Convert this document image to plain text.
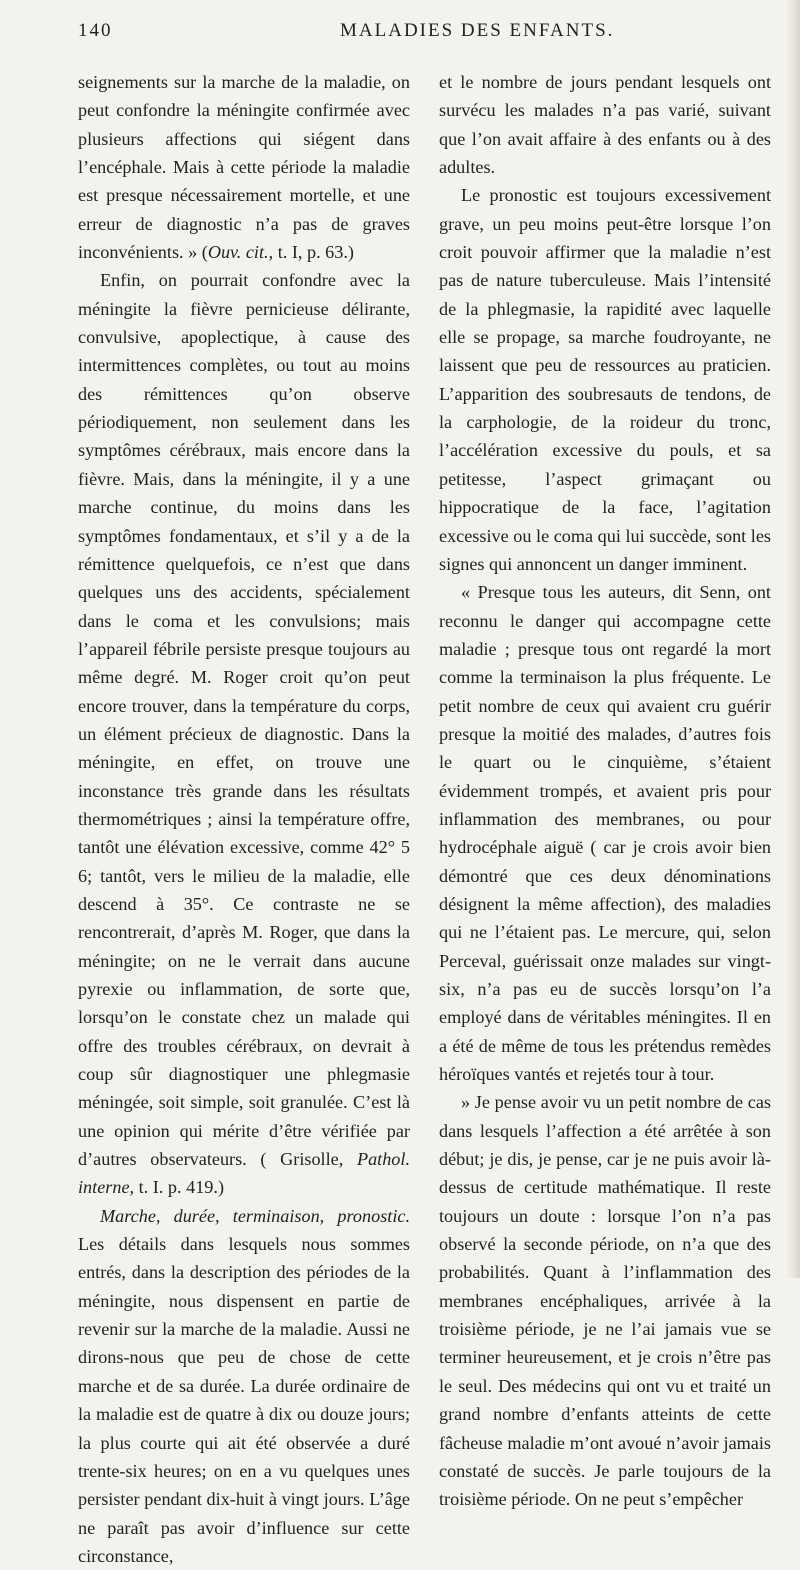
140	MALADIES DES ENFANTS.

seignements sur la marche de la maladie, on peut confondre la méningite confirmée avec plusieurs affections qui siégent dans l’encéphale. Mais à cette période la maladie est presque nécessairement mortelle, et une erreur de diagnostic n’a pas de graves inconvénients. » (Ouv. cit., t. I, p. 63.)

Enfin, on pourrait confondre avec la méningite la fièvre pernicieuse délirante, convulsive, apoplectique, à cause des intermittences complètes, ou tout au moins des rémittences qu’on observe périodiquement, non seulement dans les symptômes cérébraux, mais encore dans la fièvre. Mais, dans la méningite, il y a une marche continue, du moins dans les symptômes fondamentaux, et s’il y a de la rémittence quelquefois, ce n’est que dans quelques uns des accidents, spécialement dans le coma et les convulsions; mais l’appareil fébrile persiste presque toujours au même degré. M. Roger croit qu’on peut encore trouver, dans la température du corps, un élément précieux de diagnostic. Dans la méningite, en effet, on trouve une inconstance très grande dans les résultats thermométriques ; ainsi la température offre, tantôt une élévation excessive, comme 42° 5 6; tantôt, vers le milieu de la maladie, elle descend à 35°. Ce contraste ne se rencontrerait, d’après M. Roger, que dans la méningite; on ne le verrait dans aucune pyrexie ou inflammation, de sorte que, lorsqu’on le constate chez un malade qui offre des troubles cérébraux, on devrait à coup sûr diagnostiquer une phlegmasie méningée, soit simple, soit granulée. C’est là une opinion qui mérite d’être vérifiée par d’autres observateurs. ( Grisolle, Pathol. interne, t. I. p. 419.)

Marche, durée, terminaison, pronostic. Les détails dans lesquels nous sommes entrés, dans la description des périodes de la méningite, nous dispensent en partie de revenir sur la marche de la maladie. Aussi ne dirons-nous que peu de chose de cette marche et de sa durée. La durée ordinaire de la maladie est de quatre à dix ou douze jours; la plus courte qui ait été observée a duré trente-six heures; on en a vu quelques unes persister pendant dix-huit à vingt jours. L’âge ne paraît pas avoir d’influence sur cette circonstance,

et le nombre de jours pendant lesquels ont survécu les malades n’a pas varié, suivant que l’on avait affaire à des enfants ou à des adultes.

Le pronostic est toujours excessivement grave, un peu moins peut-être lorsque l’on croit pouvoir affirmer que la maladie n’est pas de nature tuberculeuse. Mais l’intensité de la phlegmasie, la rapidité avec laquelle elle se propage, sa marche foudroyante, ne laissent que peu de ressources au praticien. L’apparition des soubresauts de tendons, de la carphologie, de la roideur du tronc, l’accélération excessive du pouls, et sa petitesse, l’aspect grimaçant ou hippocratique de la face, l’agitation excessive ou le coma qui lui succède, sont les signes qui annoncent un danger imminent.

« Presque tous les auteurs, dit Senn, ont reconnu le danger qui accompagne cette maladie ; presque tous ont regardé la mort comme la terminaison la plus fréquente. Le petit nombre de ceux qui avaient cru guérir presque la moitié des malades, d’autres fois le quart ou le cinquième, s’étaient évidemment trompés, et avaient pris pour inflammation des membranes, ou pour hydrocéphale aiguë ( car je crois avoir bien démontré que ces deux dénominations désignent la même affection), des maladies qui ne l’étaient pas. Le mercure, qui, selon Perceval, guérissait onze malades sur vingt-six, n’a pas eu de succès lorsqu’on l’a employé dans de véritables méningites. Il en a été de même de tous les prétendus remèdes héroïques vantés et rejetés tour à tour.

» Je pense avoir vu un petit nombre de cas dans lesquels l’affection a été arrêtée à son début; je dis, je pense, car je ne puis avoir là-dessus de certitude mathématique. Il reste toujours un doute : lorsque l’on n’a pas observé la seconde période, on n’a que des probabilités. Quant à l’inflammation des membranes encéphaliques, arrivée à la troisième période, je ne l’ai jamais vue se terminer heureusement, et je crois n’être pas le seul. Des médecins qui ont vu et traité un grand nombre d’enfants atteints de cette fâcheuse maladie m’ont avoué n’avoir jamais constaté de succès. Je parle toujours de la troisième période. On ne peut s’empêcher
